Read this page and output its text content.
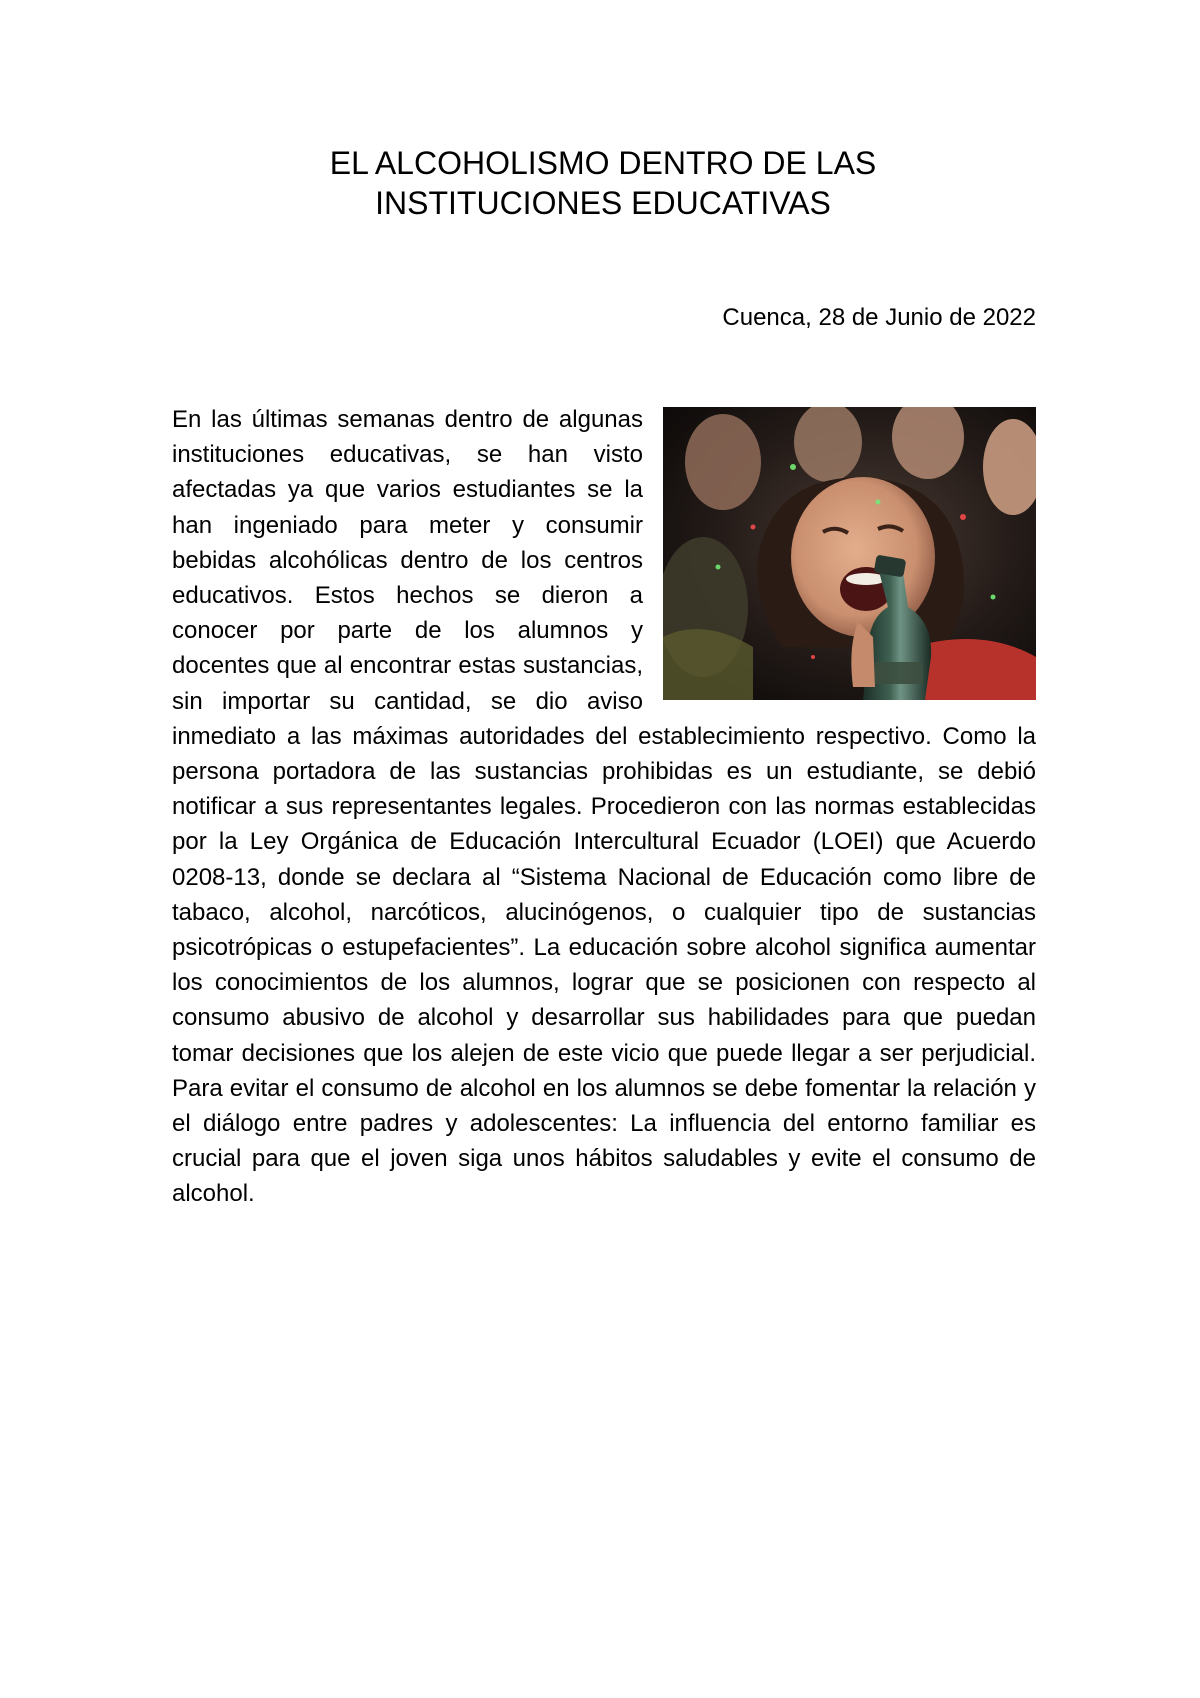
EL ALCOHOLISMO DENTRO DE LAS
INSTITUCIONES EDUCATIVAS

Cuenca, 28 de Junio de 2022

En las últimas semanas dentro de algunas instituciones educativas, se han visto afectadas ya que varios estudiantes se la han ingeniado para meter y consumir bebidas alcohólicas dentro de los centros educativos. Estos hechos se dieron a conocer por parte de los alumnos y docentes que al encontrar estas sustancias, sin importar su cantidad, se dio aviso inmediato a las máximas autoridades del establecimiento respectivo. Como la persona portadora de las sustancias prohibidas es un estudiante, se debió notificar a sus representantes legales. Procedieron con las normas establecidas por la Ley Orgánica de Educación Intercultural Ecuador (LOEI) que Acuerdo 0208-13, donde se declara al “Sistema Nacional de Educación como libre de tabaco, alcohol, narcóticos, alucinógenos, o cualquier tipo de sustancias psicotrópicas o estupefacientes”. La educación sobre alcohol significa aumentar los conocimientos de los alumnos, lograr que se posicionen con respecto al consumo abusivo de alcohol y desarrollar sus habilidades para que puedan tomar decisiones que los alejen de este vicio que puede llegar a ser perjudicial. Para evitar el consumo de alcohol en los alumnos se debe fomentar la relación y el diálogo entre padres y adolescentes: La influencia del entorno familiar es crucial para que el joven siga unos hábitos saludables y evite el consumo de alcohol.
